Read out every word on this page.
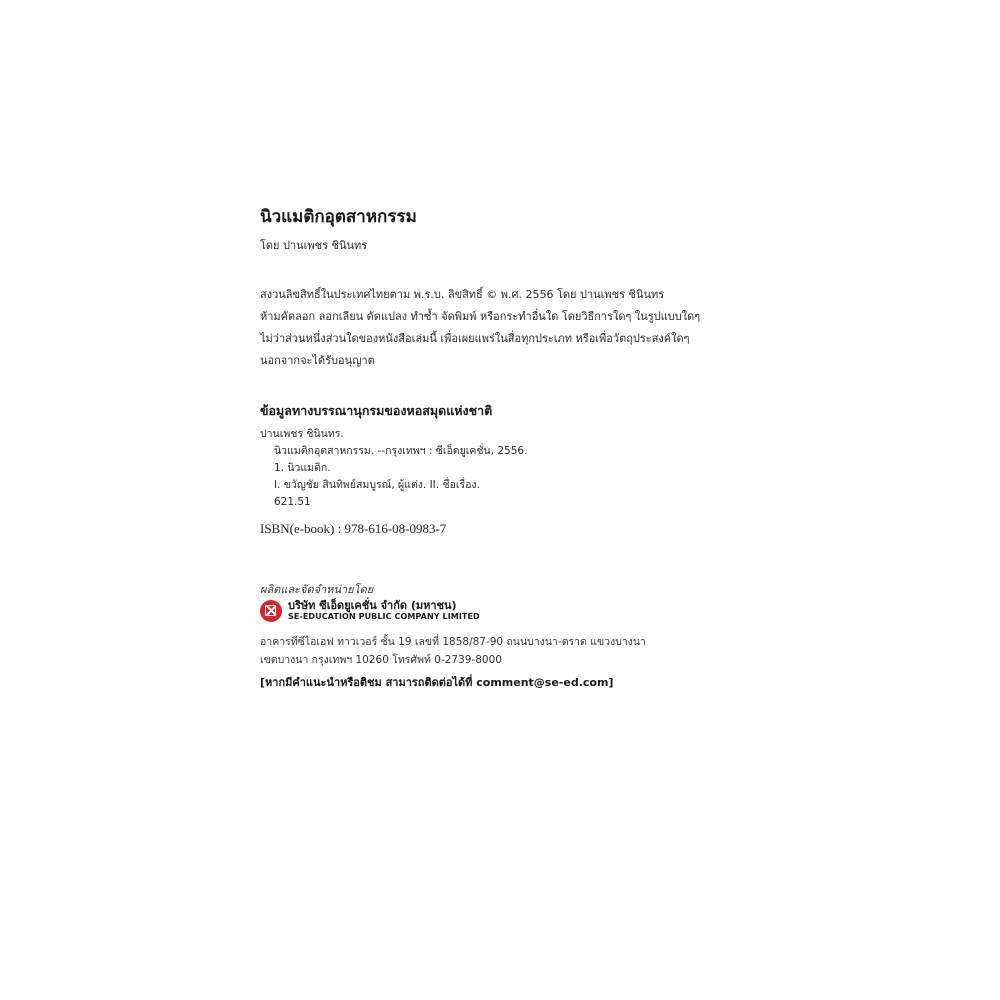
นิวแมติกอุตสาหกรรม
โดย ปานเพชร ชินินทร
สงวนลิขสิทธิ์ในประเทศไทยตาม พ.ร.บ. ลิขสิทธิ์ © พ.ศ. 2556 โดย ปานเพชร ชินินทร
ห้ามคัดลอก ลอกเลียน ดัดแปลง ทำซ้ำ จัดพิมพ์ หรือกระทำอื่นใด โดยวิธีการใดๆ ในรูปแบบใดๆ
ไม่ว่าส่วนหนึ่งส่วนใดของหนังสือเล่มนี้ เพื่อเผยแพร่ในสื่อทุกประเภท หรือเพื่อวัตถุประสงค์ใดๆ
นอกจากจะได้รับอนุญาต
ข้อมูลทางบรรณานุกรมของหอสมุดแห่งชาติ
ปานเพชร ชินินทร.
นิวแมติกอุตสาหกรรม. --กรุงเทพฯ : ซีเอ็ดยูเคชั่น, 2556.
1. นิวแมติก.
I. ขวัญชัย สินทิพย์สมบูรณ์, ผู้แต่ง. II. ชื่อเรื่อง.
621.51
ISBN(e-book) : 978-616-08-0983-7
ผลิตและจัดจำหน่ายโดย
บริษัท ซีเอ็ดยูเคชั่น จำกัด (มหาชน)
SE-EDUCATION PUBLIC COMPANY LIMITED
อาคารทีซีไอเอฟ ทาวเวอร์ ชั้น 19 เลขที่ 1858/87-90 ถนนบางนา-ตราด แขวงบางนา
เขตบางนา กรุงเทพฯ 10260 โทรศัพท์ 0-2739-8000
[หากมีคำแนะนำหรือติชม สามารถติดต่อได้ที่ comment@se-ed.com]
